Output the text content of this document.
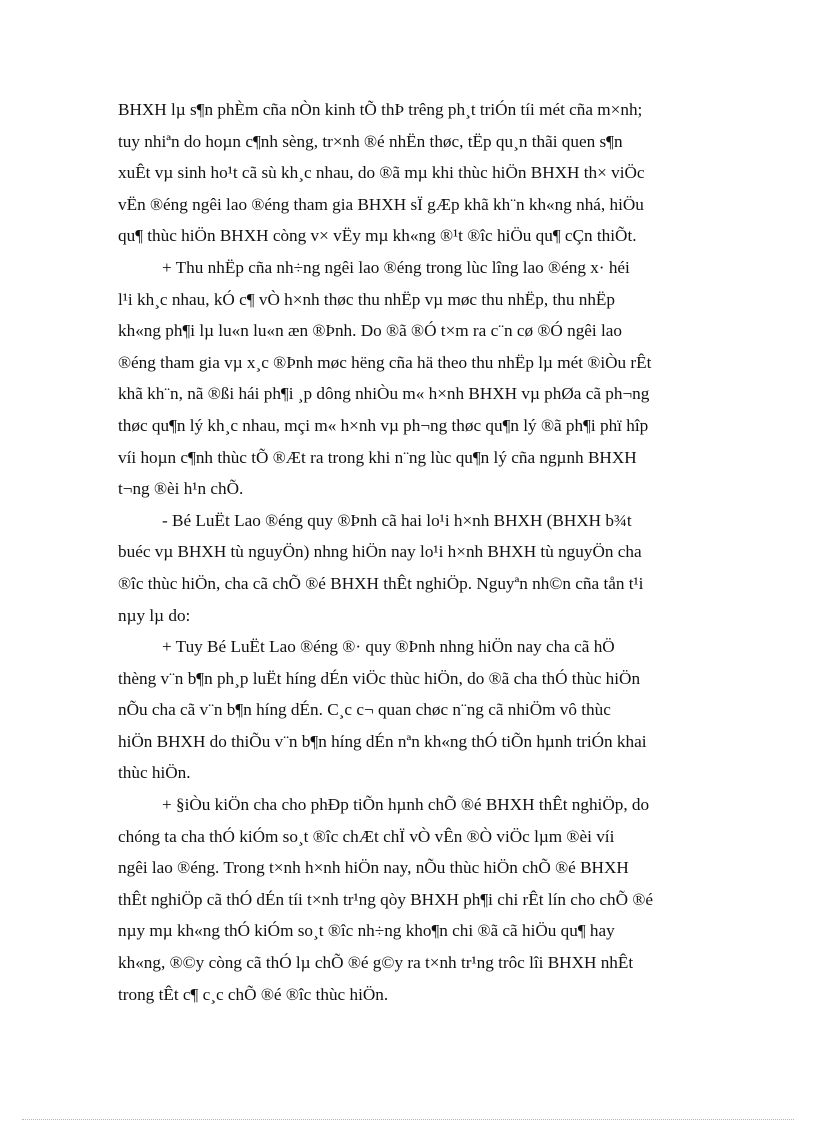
BHXH lµ s¶n phÈm cña nÒn kinh tÕ thÞ trêng ph¸t triÓn tíi mét cña m×nh;
tuy nhiªn do hoµn c¶nh sèng, tr×nh ®é nhËn thøc, tËp qu¸n thãi quen s¶n
xuÊt vµ sinh ho¹t cã sù kh¸c nhau, do ®ã mµ khi thùc hiÖn BHXH th× viÖc
vËn ®éng ngêi lao ®éng tham gia BHXH sÏ gÆp khã kh¨n kh«ng nhá, hiÖu
qu¶ thùc hiÖn BHXH còng v× vËy mµ kh«ng ®¹t ®îc hiÖu qu¶ cÇn thiÕt.

+ Thu nhËp cña nh÷ng ngêi lao ®éng trong lùc lîng lao ®éng x· héi
l¹i kh¸c nhau, kÓ c¶ vÒ h×nh thøc thu nhËp vµ møc thu nhËp, thu nhËp
kh«ng ph¶i lµ lu«n lu«n æn ®Þnh. Do ®ã ®Ó t×m ra c¨n cø ®Ó ngêi lao
®éng tham gia vµ x¸c ®Þnh møc hëng cña hä theo thu nhËp lµ mét ®iÒu rÊt
khã kh¨n, nã ®ßi hái ph¶i ¸p dông nhiÒu m« h×nh BHXH vµ phØa cã ph¬ng
thøc qu¶n lý kh¸c nhau, mçi m« h×nh vµ ph¬ng thøc qu¶n lý ®ã ph¶i phï hîp
víi hoµn c¶nh thùc tÕ ®Æt ra trong khi n¨ng lùc qu¶n lý cña ngµnh BHXH
t¬ng ®èi h¹n chÕ.

- Bé LuËt Lao ®éng quy ®Þnh cã hai lo¹i h×nh BHXH (BHXH b¾t
buéc vµ BHXH tù nguyÖn) nhng hiÖn nay lo¹i h×nh BHXH tù nguyÖn cha
®îc thùc hiÖn, cha cã chÕ ®é BHXH thÊt nghiÖp. Nguyªn nh©n cña tån t¹i
nµy lµ do:

+ Tuy Bé LuËt Lao ®éng ®· quy ®Þnh nhng hiÖn nay cha cã hÖ
thèng v¨n b¶n ph¸p luËt híng dÉn viÖc thùc hiÖn, do ®ã cha thÓ thùc hiÖn
nÕu cha cã v¨n b¶n híng dÉn. C¸c c¬ quan chøc n¨ng cã nhiÖm vô thùc
hiÖn BHXH do thiÕu v¨n b¶n híng dÉn nªn kh«ng thÓ tiÕn hµnh triÓn khai
thùc hiÖn.

+ §iÒu kiÖn cha cho phÐp tiÕn hµnh chÕ ®é BHXH thÊt nghiÖp, do
chóng ta cha thÓ kiÓm so¸t ®îc chÆt chÏ vÒ vÊn ®Ò viÖc lµm ®èi víi
ngêi lao ®éng. Trong t×nh h×nh hiÖn nay, nÕu thùc hiÖn chÕ ®é BHXH
thÊt nghiÖp cã thÓ dÉn tíi t×nh tr¹ng qòy BHXH ph¶i chi rÊt lín cho chÕ ®é
nµy mµ kh«ng thÓ kiÓm so¸t ®îc nh÷ng kho¶n chi ®ã cã hiÖu qu¶ hay
kh«ng, ®©y còng cã thÓ lµ chÕ ®é g©y ra t×nh tr¹ng trôc lîi BHXH nhÊt
trong tÊt c¶ c¸c chÕ ®é ®îc thùc hiÖn.
